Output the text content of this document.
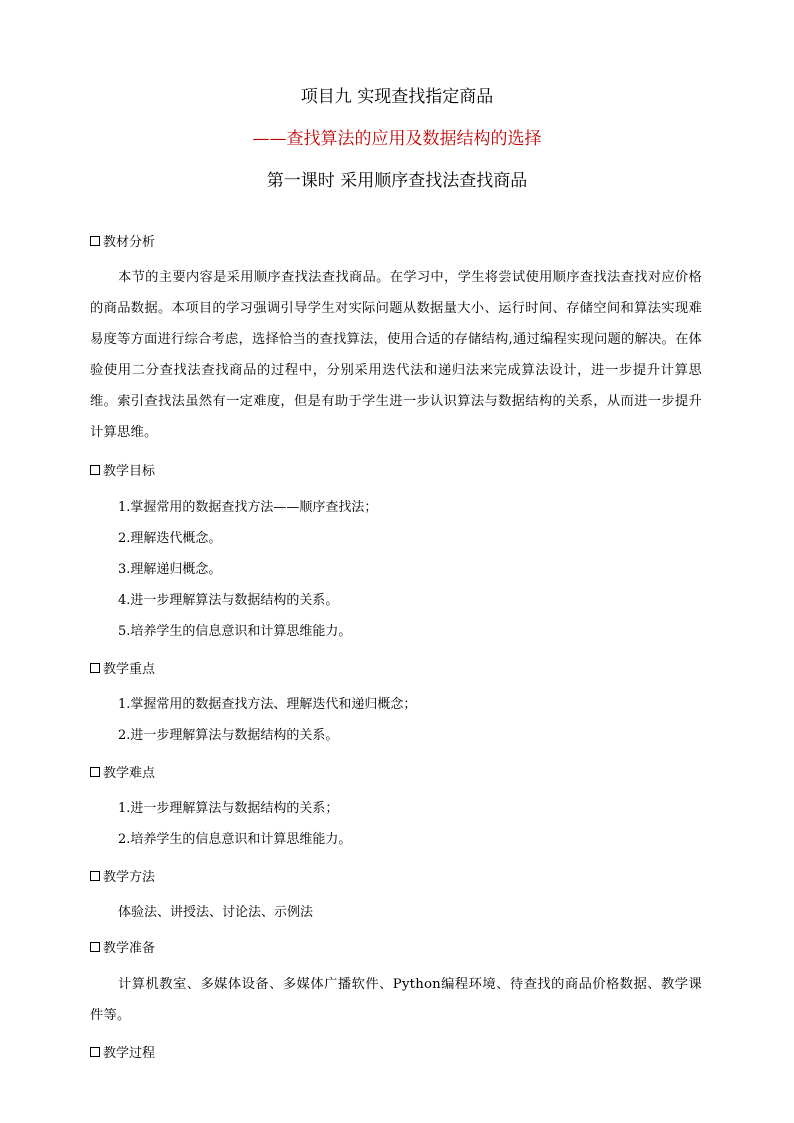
项目九 实现查找指定商品
——查找算法的应用及数据结构的选择
第一课时 采用顺序查找法查找商品
教材分析
本节的主要内容是采用顺序查找法查找商品。在学习中，学生将尝试使用顺序查找法查找对应价格的商品数据。本项目的学习强调引导学生对实际问题从数据量大小、运行时间、存储空间和算法实现难易度等方面进行综合考虑，选择恰当的查找算法，使用合适的存储结构,通过编程实现问题的解决。在体验使用二分查找法查找商品的过程中，分别采用迭代法和递归法来完成算法设计，进一步提升计算思维。索引查找法虽然有一定难度，但是有助于学生进一步认识算法与数据结构的关系，从而进一步提升计算思维。
教学目标
1.掌握常用的数据查找方法——顺序查找法；
2.理解迭代概念。
3.理解递归概念。
4.进一步理解算法与数据结构的关系。
5.培养学生的信息意识和计算思维能力。
教学重点
1.掌握常用的数据查找方法、理解迭代和递归概念；
2.进一步理解算法与数据结构的关系。
教学难点
1.进一步理解算法与数据结构的关系；
2.培养学生的信息意识和计算思维能力。
教学方法
体验法、讲授法、讨论法、示例法
教学准备
计算机教室、多媒体设备、多媒体广播软件、Python编程环境、待查找的商品价格数据、教学课件等。
教学过程
